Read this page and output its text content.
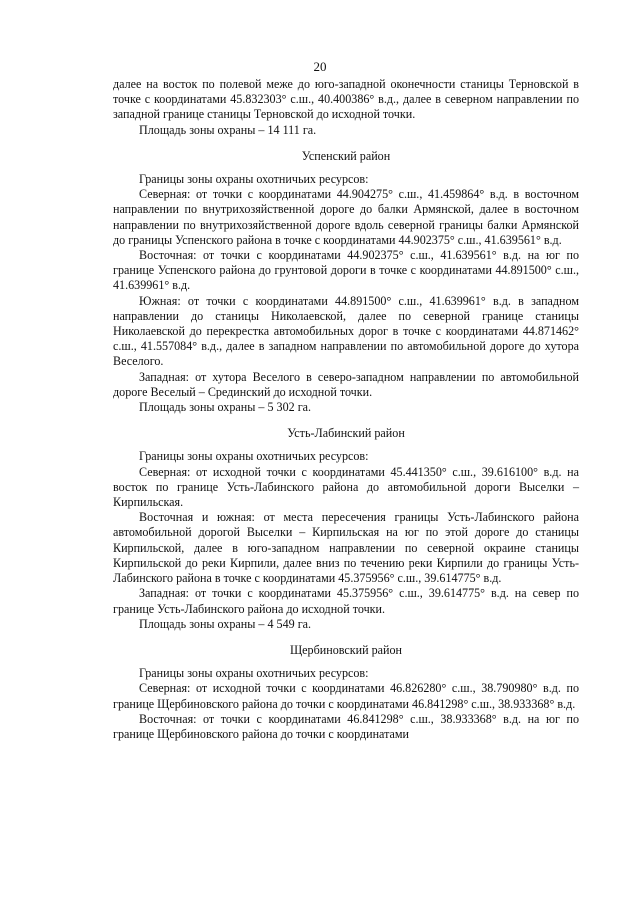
20

далее на восток по полевой меже до юго-западной оконечности станицы Терновской в точке с координатами 45.832303° с.ш., 40.400386° в.д., далее в северном направлении по западной границе станицы Терновской до исходной точки.

Площадь зоны охраны – 14 111 га.

Успенский район

Границы зоны охраны охотничьих ресурсов:

Северная: от точки с координатами 44.904275° с.ш., 41.459864° в.д. в восточном направлении по внутрихозяйственной дороге до балки Армянской, далее в восточном направлении по внутрихозяйственной дороге вдоль северной границы балки Армянской до границы Успенского района в точке с координатами 44.902375° с.ш., 41.639561° в.д.

Восточная: от точки с координатами 44.902375° с.ш., 41.639561° в.д. на юг по границе Успенского района до грунтовой дороги в точке с координатами 44.891500° с.ш., 41.639961° в.д.

Южная: от точки с координатами 44.891500° с.ш., 41.639961° в.д. в западном направлении до станицы Николаевской, далее по северной границе станицы Николаевской до перекрестка автомобильных дорог в точке с координатами 44.871462° с.ш., 41.557084° в.д., далее в западном направлении по автомобильной дороге до хутора Веселого.

Западная: от хутора Веселого в северо-западном направлении по автомобильной дороге Веселый – Срединский до исходной точки.

Площадь зоны охраны – 5 302 га.

Усть-Лабинский район

Границы зоны охраны охотничьих ресурсов:

Северная: от исходной точки с координатами 45.441350° с.ш., 39.616100° в.д. на восток по границе Усть-Лабинского района до автомобильной дороги Выселки – Кирпильская.

Восточная и южная: от места пересечения границы Усть-Лабинского района автомобильной дорогой Выселки – Кирпильская на юг по этой дороге до станицы Кирпильской, далее в юго-западном направлении по северной окраине станицы Кирпильской до реки Кирпили, далее вниз по течению реки Кирпили до границы Усть-Лабинского района в точке с координатами 45.375956° с.ш., 39.614775° в.д.

Западная: от точки с координатами 45.375956° с.ш., 39.614775° в.д. на север по границе Усть-Лабинского района до исходной точки.

Площадь зоны охраны – 4 549 га.

Щербиновский район

Границы зоны охраны охотничьих ресурсов:

Северная: от исходной точки с координатами 46.826280° с.ш., 38.790980° в.д. по границе Щербиновского района до точки с координатами 46.841298° с.ш., 38.933368° в.д.

Восточная: от точки с координатами 46.841298° с.ш., 38.933368° в.д. на юг по границе Щербиновского района до точки с координатами
